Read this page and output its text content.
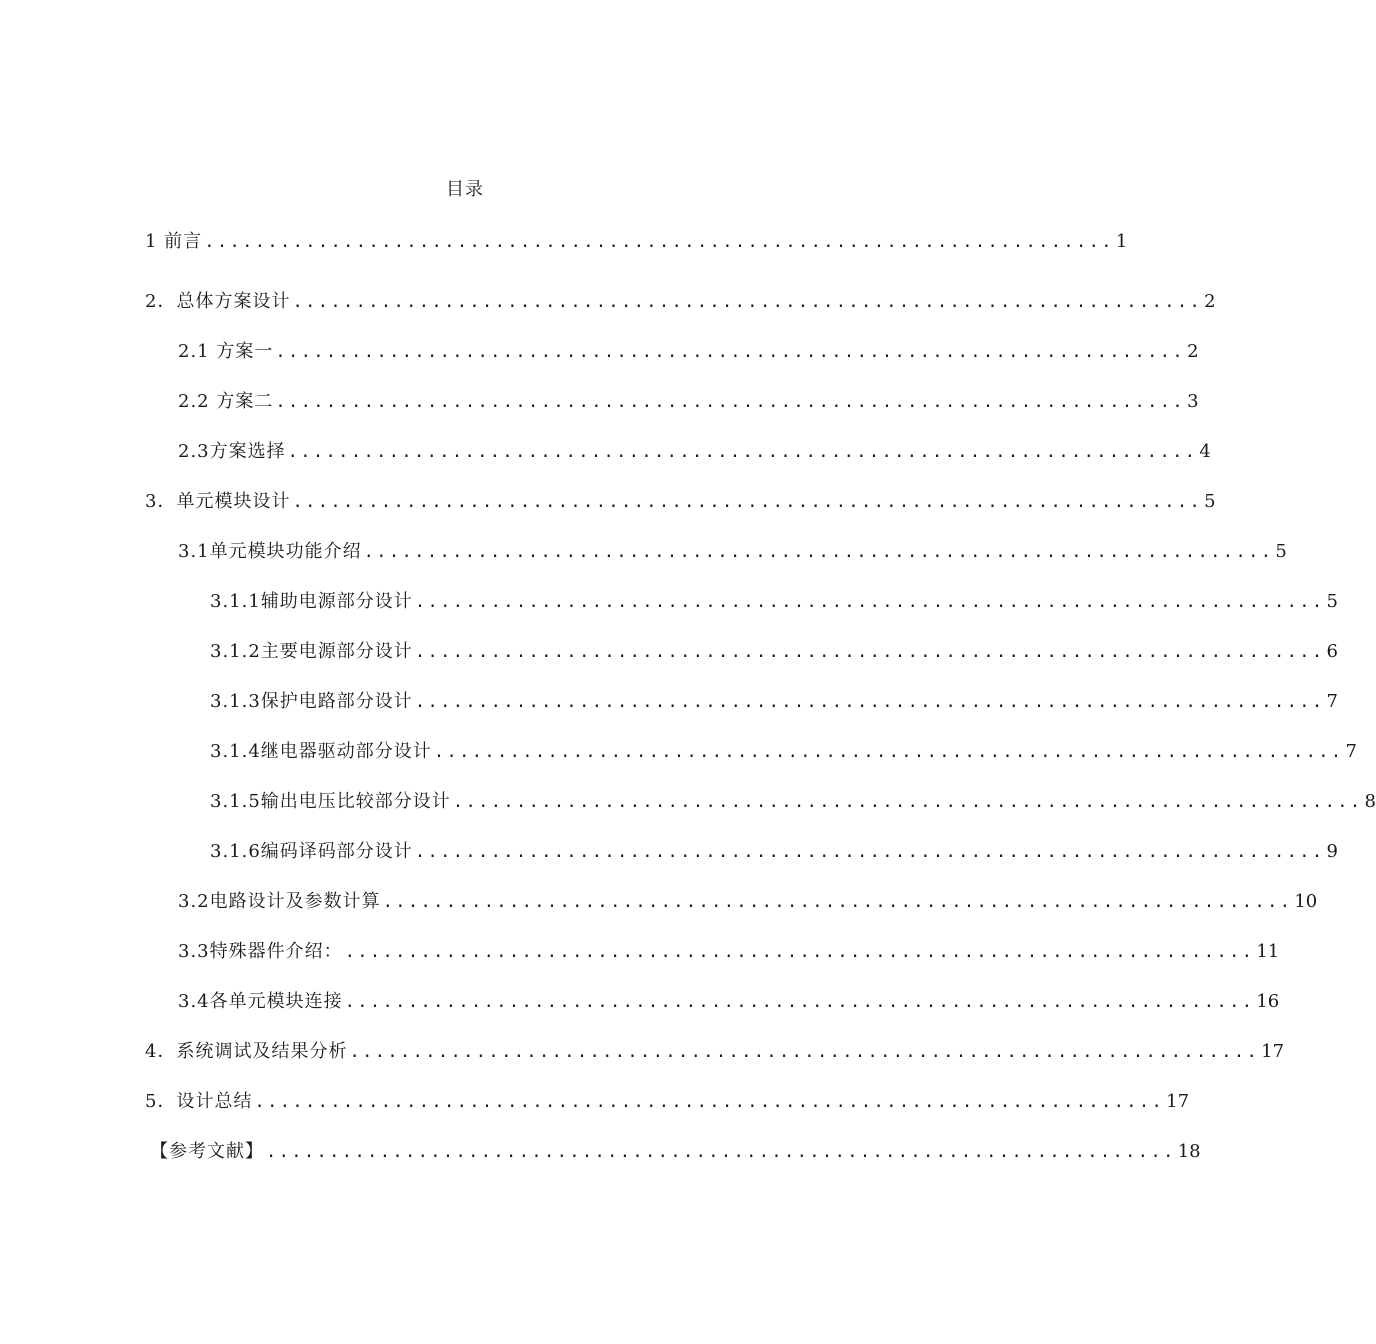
目录
1 前言 ........................................................................ 1
2．总体方案设计 ........................................................................ 2
2.1 方案一 ........................................................................ 2
2.2 方案二 ........................................................................ 3
2.3方案选择 ........................................................................ 4
3．单元模块设计 ........................................................................ 5
3.1单元模块功能介绍 ........................................................................ 5
3.1.1辅助电源部分设计 ........................................................................ 5
3.1.2主要电源部分设计 ........................................................................ 6
3.1.3保护电路部分设计 ........................................................................ 7
3.1.4继电器驱动部分设计 ........................................................................ 7
3.1.5输出电压比较部分设计 ........................................................................ 8
3.1.6编码译码部分设计 ........................................................................ 9
3.2电路设计及参数计算 ........................................................................ 10
3.3特殊器件介绍： ........................................................................ 11
3.4各单元模块连接 ........................................................................ 16
4．系统调试及结果分析 ........................................................................ 17
5．设计总结 ........................................................................ 17
【参考文献】 ........................................................................ 18
